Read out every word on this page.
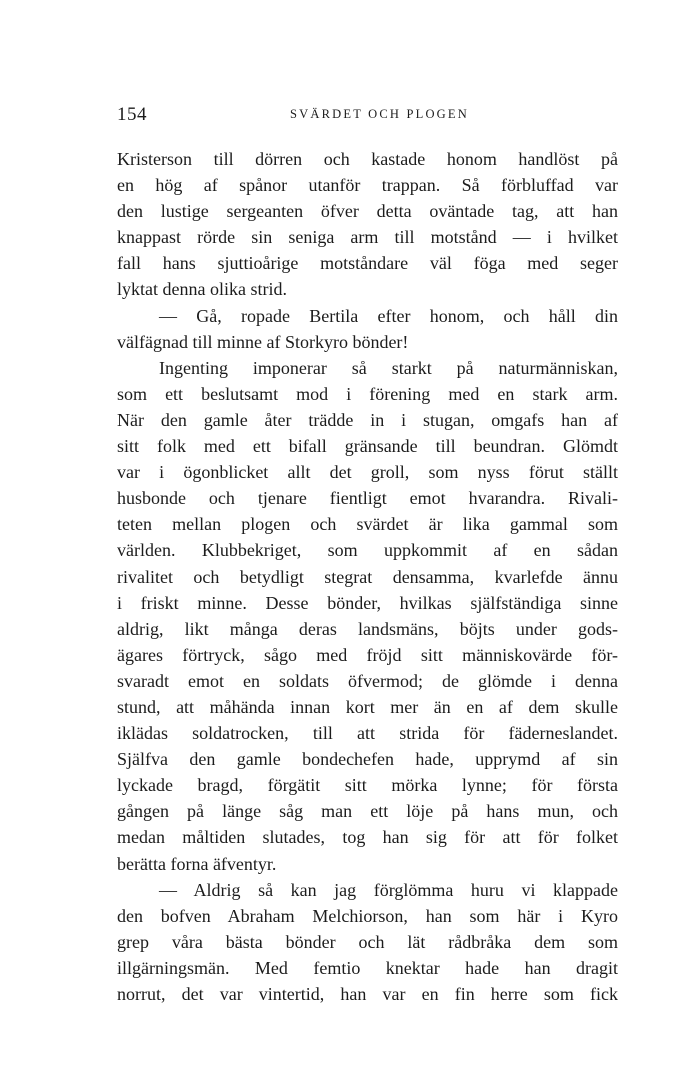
154	SVÄRDET OCH PLOGEN
Kristerson till dörren och kastade honom handlöst på
en hög af spånor utanför trappan. Så förbluffad var
den lustige sergeanten öfver detta oväntade tag, att han
knappast rörde sin seniga arm till motstånd — i hvilket
fall hans sjuttioårige motståndare väl föga med seger
lyktat denna olika strid.
— Gå, ropade Bertila efter honom, och håll din
välfägnad till minne af Storkyro bönder!
Ingenting imponerar så starkt på naturmänniskan,
som ett beslutsamt mod i förening med en stark arm.
När den gamle åter trädde in i stugan, omgafs han af
sitt folk med ett bifall gränsande till beundran. Glömdt
var i ögonblicket allt det groll, som nyss förut ställt
husbonde och tjenare fientligt emot hvarandra. Rivali-
teten mellan plogen och svärdet är lika gammal som
världen. Klubbekriget, som uppkommit af en sådan
rivalitet och betydligt stegrat densamma, kvarlefde ännu
i friskt minne. Desse bönder, hvilkas själfständiga sinne
aldrig, likt många deras landsmäns, böjts under gods-
ägares förtryck, sågo med fröjd sitt människovärde för-
svaradt emot en soldats öfvermod; de glömde i denna
stund, att måhända innan kort mer än en af dem skulle
iklädas soldatrocken, till att strida för fäderneslandet.
Själfva den gamle bondechefen hade, upprymd af sin
lyckade bragd, förgätit sitt mörka lynne; för första
gången på länge såg man ett löje på hans mun, och
medan måltiden slutades, tog han sig för att för folket
berätta forna äfventyr.
— Aldrig så kan jag förglömma huru vi klappade
den bofven Abraham Melchiorson, han som här i Kyro
grep våra bästa bönder och lät rådbråka dem som
illgärningsmän. Med femtio knektar hade han dragit
norrut, det var vintertid, han var en fin herre som fick
